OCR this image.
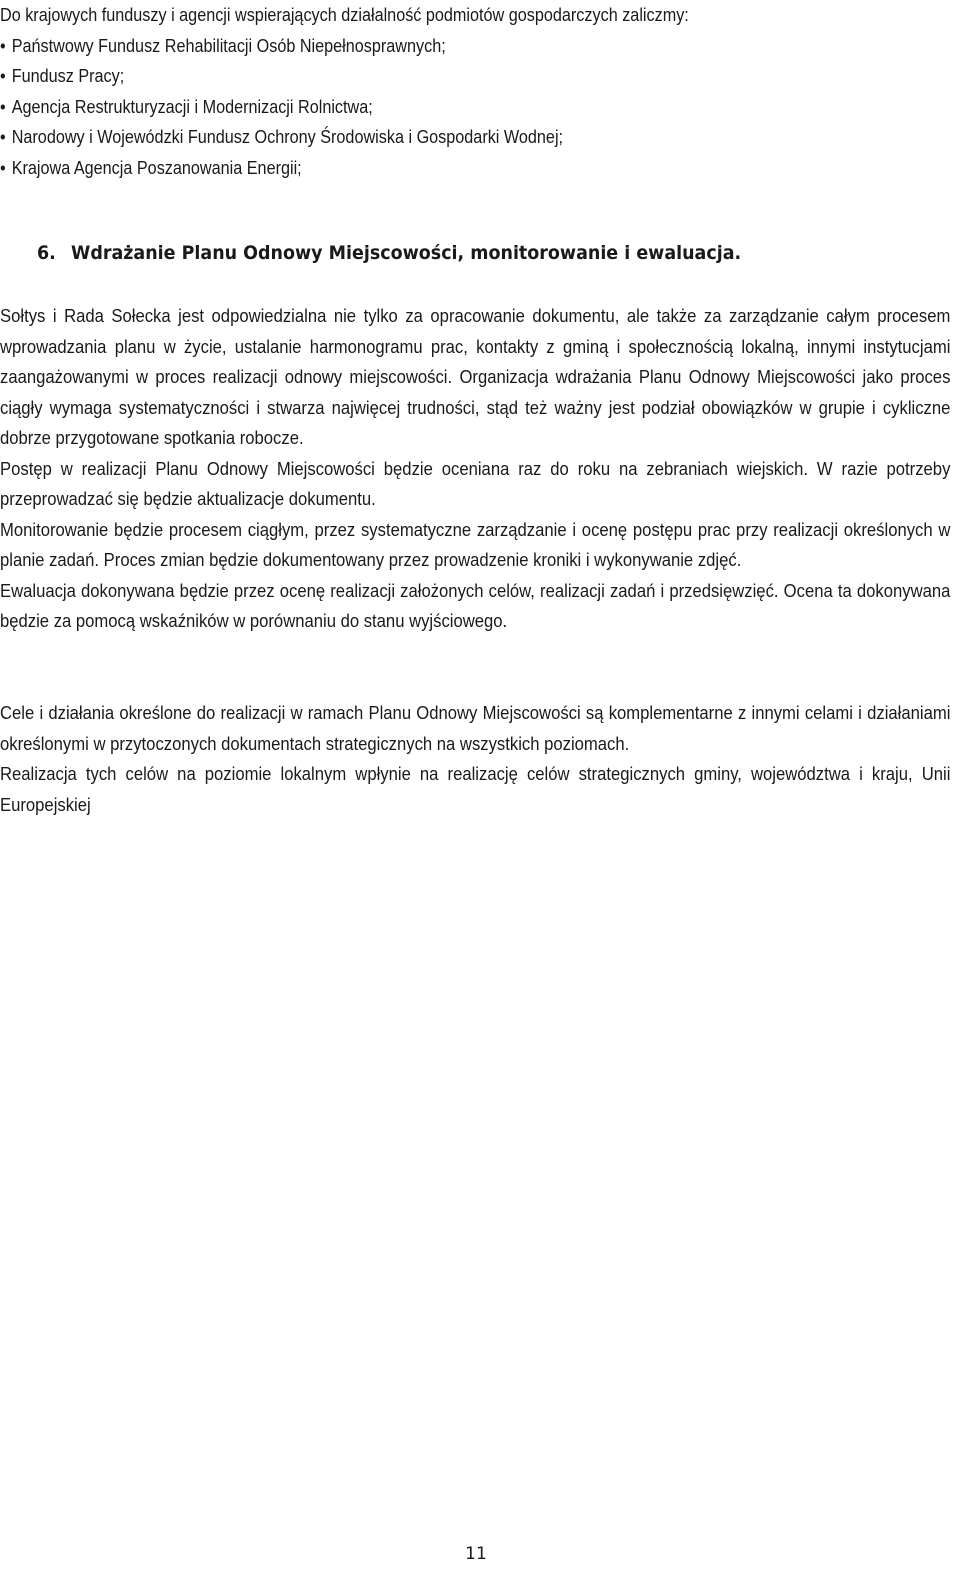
Do krajowych funduszy i agencji wspierających działalność podmiotów gospodarczych zaliczmy:
• Państwowy Fundusz Rehabilitacji Osób Niepełnosprawnych;
• Fundusz Pracy;
• Agencja Restrukturyzacji i Modernizacji Rolnictwa;
• Narodowy i Wojewódzki Fundusz Ochrony Środowiska i Gospodarki Wodnej;
• Krajowa Agencja Poszanowania Energii;
6. Wdrażanie Planu Odnowy Miejscowości, monitorowanie i ewaluacja.

Sołtys i Rada Sołecka jest odpowiedzialna nie tylko za opracowanie dokumentu, ale także za zarządzanie całym procesem wprowadzania planu w życie, ustalanie harmonogramu prac, kontakty z gminą i społecznością lokalną, innymi instytucjami zaangażowanymi w proces realizacji odnowy miejscowości. Organizacja wdrażania Planu Odnowy Miejscowości jako proces ciągły wymaga systematyczności i stwarza najwięcej trudności, stąd też ważny jest podział obowiązków w grupie i cykliczne dobrze przygotowane spotkania robocze.

Postęp w realizacji Planu Odnowy Miejscowości będzie oceniana raz do roku na zebraniach wiejskich. W razie potrzeby przeprowadzać się będzie aktualizacje dokumentu.

Monitorowanie będzie procesem ciągłym, przez systematyczne zarządzanie i ocenę postępu prac przy realizacji określonych w planie zadań. Proces zmian będzie dokumentowany przez prowadzenie kroniki i wykonywanie zdjęć.

Ewaluacja dokonywana będzie przez ocenę realizacji założonych celów, realizacji zadań i przedsięwzięć. Ocena ta dokonywana będzie za pomocą wskaźników w porównaniu do stanu wyjściowego.

Cele i działania określone do realizacji w ramach Planu Odnowy Miejscowości są komplementarne z innymi celami i działaniami określonymi w przytoczonych dokumentach strategicznych na wszystkich poziomach.

Realizacja tych celów na poziomie lokalnym wpłynie na realizację celów strategicznych gminy, województwa i kraju, Unii Europejskiej

11
